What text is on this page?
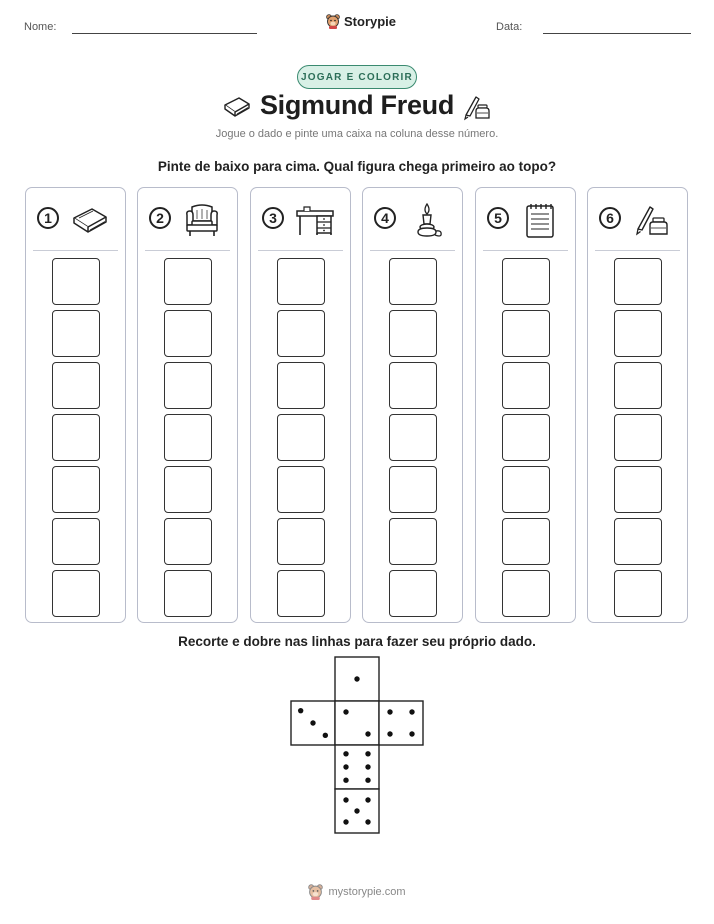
Nome:	Storypie	Data:
JOGAR E COLORIR
Sigmund Freud
Jogue o dado e pinte uma caixa na coluna desse número.
Pinte de baixo para cima. Qual figura chega primeiro ao topo?
1	2	3	4	5	6
Recorte e dobre nas linhas para fazer seu próprio dado.
mystorypie.com
